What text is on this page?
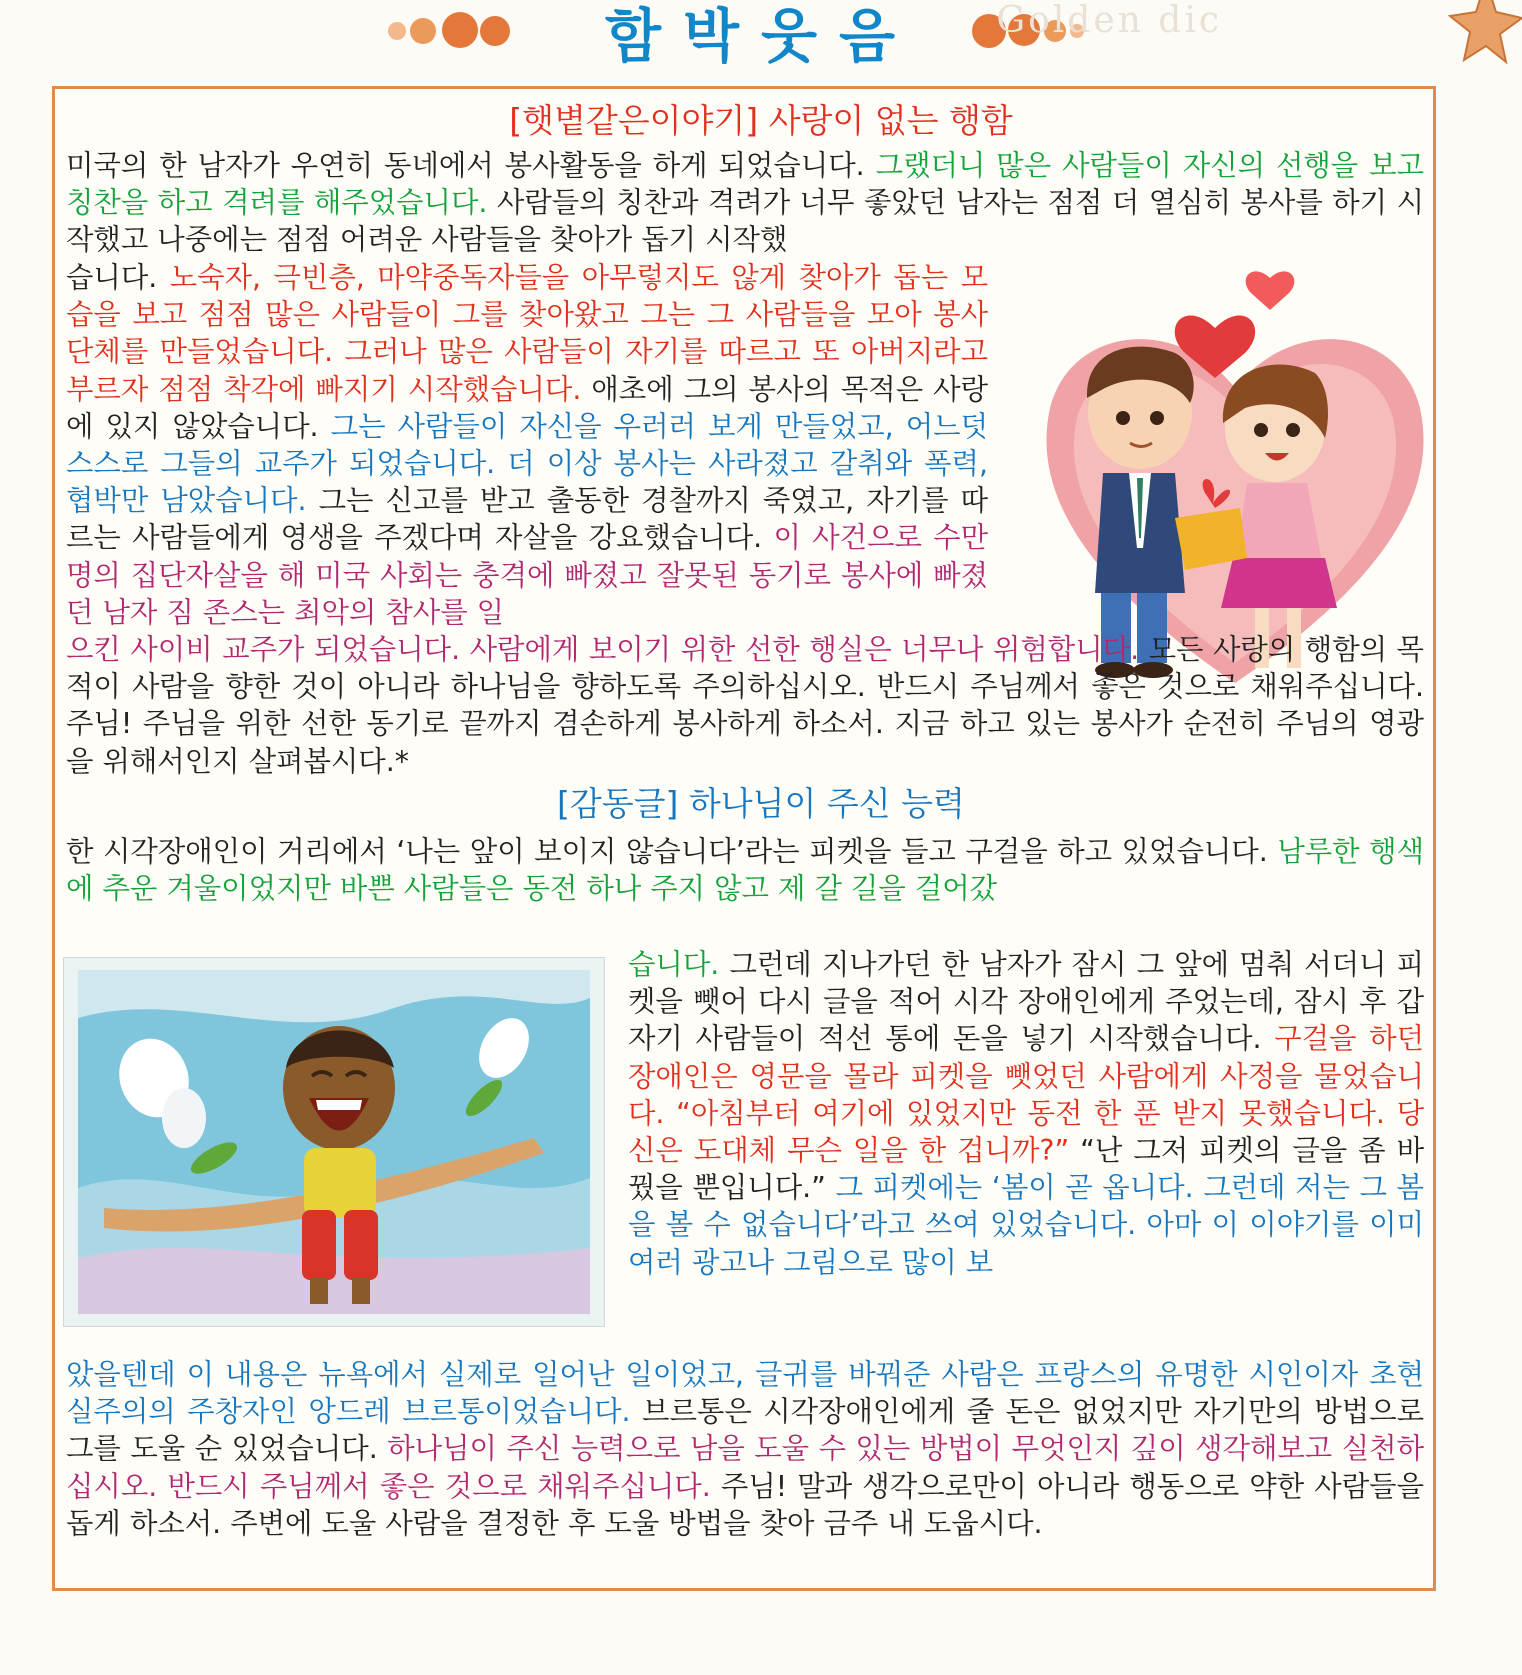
함박웃음	Golden dic
[햇볕같은이야기] 사랑이 없는 행함
미국의 한 남자가 우연히 동네에서 봉사활동을 하게 되었습니다. 그랬더니 많은 사람들이 자신의 선행을 보고 칭찬을 하고 격려를 해주었습니다. 사람들의 칭찬과 격려가 너무 좋았던 남자는 점점 더 열심히 봉사를 하기 시작했고 나중에는 점점 어려운 사람들을 찾아가 돕기 시작했
습니다. 노숙자, 극빈층, 마약중독자들을 아무렇지도 않게 찾아가 돕는 모습을 보고 점점 많은 사람들이 그를 찾아왔고 그는 그 사람들을 모아 봉사단체를 만들었습니다. 그러나 많은 사람들이 자기를 따르고 또 아버지라고 부르자 점점 착각에 빠지기 시작했습니다. 애초에 그의 봉사의 목적은 사랑에 있지 않았습니다. 그는 사람들이 자신을 우러러 보게 만들었고, 어느덧 스스로 그들의 교주가 되었습니다. 더 이상 봉사는 사라졌고 갈취와 폭력, 협박만 남았습니다. 그는 신고를 받고 출동한 경찰까지 죽였고, 자기를 따르는 사람들에게 영생을 주겠다며 자살을 강요했습니다. 이 사건으로 수만 명의 집단자살을 해 미국 사회는 충격에 빠졌고 잘못된 동기로 봉사에 빠졌던 남자 짐 존스는 최악의 참사를 일
으킨 사이비 교주가 되었습니다. 사람에게 보이기 위한 선한 행실은 너무나 위험합니다. 모든 사랑의 행함의 목적이 사람을 향한 것이 아니라 하나님을 향하도록 주의하십시오. 반드시 주님께서 좋은 것으로 채워주십니다. 주님! 주님을 위한 선한 동기로 끝까지 겸손하게 봉사하게 하소서. 지금 하고 있는 봉사가 순전히 주님의 영광을 위해서인지 살펴봅시다.*
[감동글] 하나님이 주신 능력
한 시각장애인이 거리에서 ‘나는 앞이 보이지 않습니다’라는 피켓을 들고 구걸을 하고 있었습니다. 남루한 행색에 추운 겨울이었지만 바쁜 사람들은 동전 하나 주지 않고 제 갈 길을 걸어갔
습니다. 그런데 지나가던 한 남자가 잠시 그 앞에 멈춰 서더니 피켓을 뺏어 다시 글을 적어 시각 장애인에게 주었는데, 잠시 후 갑자기 사람들이 적선 통에 돈을 넣기 시작했습니다. 구걸을 하던 장애인은 영문을 몰라 피켓을 뺏었던 사람에게 사정을 물었습니다. “아침부터 여기에 있었지만 동전 한 푼 받지 못했습니다. 당신은 도대체 무슨 일을 한 겁니까?” “난 그저 피켓의 글을 좀 바꿨을 뿐입니다.” 그 피켓에는 ‘봄이 곧 옵니다. 그런데 저는 그 봄을 볼 수 없습니다’라고 쓰여 있었습니다. 아마 이 이야기를 이미 여러 광고나 그림으로 많이 보
았을텐데 이 내용은 뉴욕에서 실제로 일어난 일이었고, 글귀를 바꿔준 사람은 프랑스의 유명한 시인이자 초현실주의의 주창자인 앙드레 브르통이었습니다. 브르통은 시각장애인에게 줄 돈은 없었지만 자기만의 방법으로 그를 도울 순 있었습니다. 하나님이 주신 능력으로 남을 도울 수 있는 방법이 무엇인지 깊이 생각해보고 실천하십시오. 반드시 주님께서 좋은 것으로 채워주십니다. 주님! 말과 생각으로만이 아니라 행동으로 약한 사람들을 돕게 하소서. 주변에 도울 사람을 결정한 후 도울 방법을 찾아 금주 내 도웁시다.
